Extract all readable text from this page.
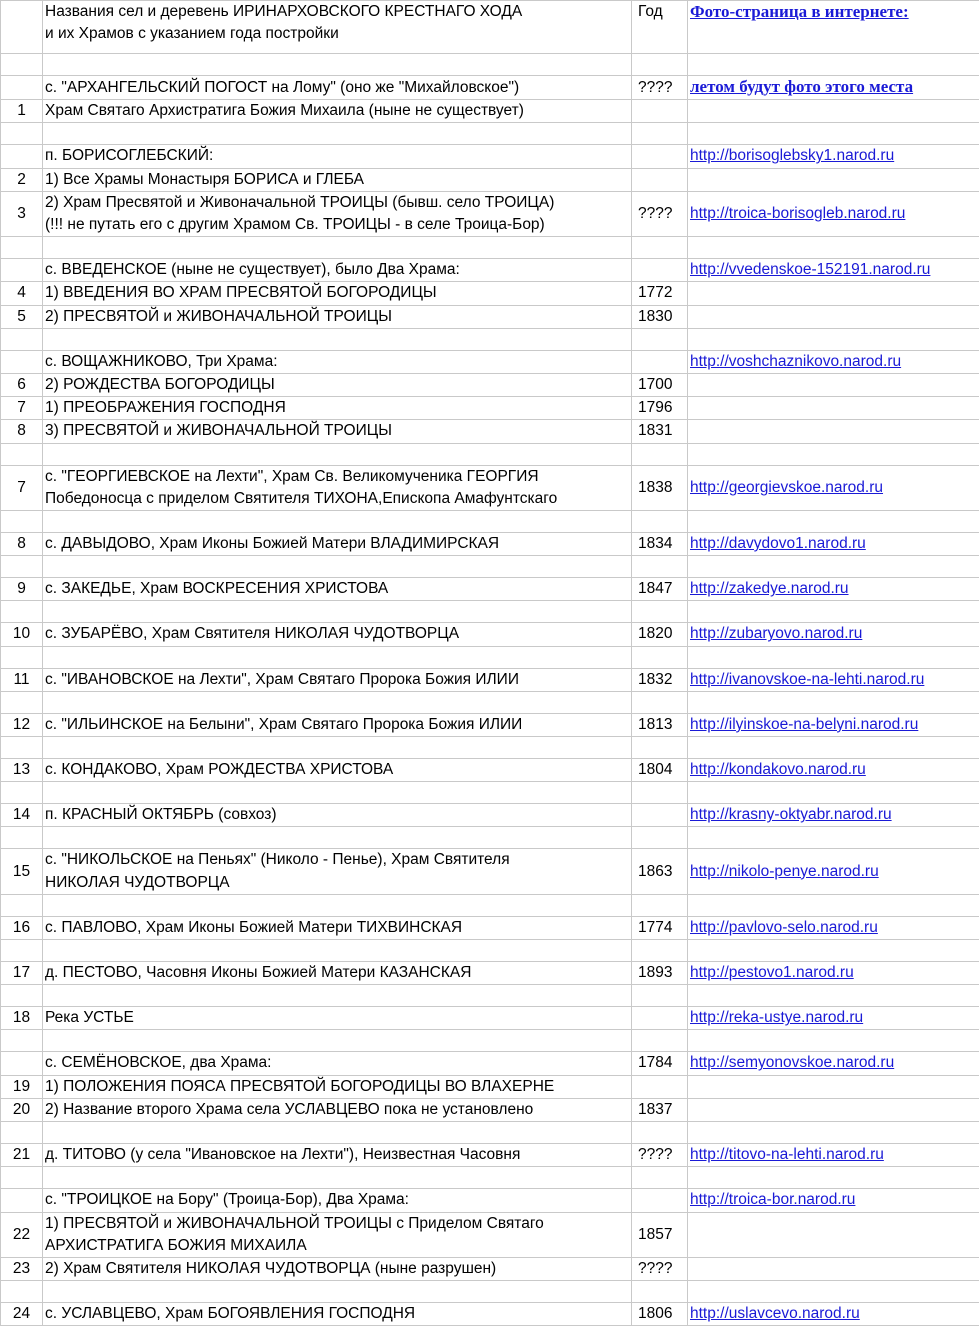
	Названия сел и деревень ИРИНАРХОВСКОГО КРЕСТНАГО ХОДА
и их Храмов с указанием года постройки	Год	Фото-страница в интернете:

	с. "АРХАНГЕЛЬСКИЙ ПОГОСТ на Лому" (оно же "Михайловское")	????	летом будут фото этого места
1	Храм Святаго Архистратига Божия Михаила (ныне не существует)		

	п. БОРИСОГЛЕБСКИЙ:		http://borisoglebsky1.narod.ru
2	1) Все Храмы Монастыря БОРИСА и ГЛЕБА		
3	2) Храм Пресвятой и Живоначальной ТРОИЦЫ (бывш. село ТРОИЦА)
(!!! не путать его с другим Храмом Св. ТРОИЦЫ - в селе Троица-Бор)	????	http://troica-borisogleb.narod.ru

	с. ВВЕДЕНСКОЕ (ныне не существует), было Два Храма:		http://vvedenskoe-152191.narod.ru
4	1) ВВЕДЕНИЯ ВО ХРАМ ПРЕСВЯТОЙ БОГОРОДИЦЫ	1772	
5	2) ПРЕСВЯТОЙ и ЖИВОНАЧАЛЬНОЙ ТРОИЦЫ	1830	

	с. ВОЩАЖНИКОВО, Три Храма:		http://voshchaznikovo.narod.ru
6	2) РОЖДЕСТВА БОГОРОДИЦЫ	1700	
7	1) ПРЕОБРАЖЕНИЯ ГОСПОДНЯ	1796	
8	3) ПРЕСВЯТОЙ и ЖИВОНАЧАЛЬНОЙ ТРОИЦЫ	1831	

7	с. "ГЕОРГИЕВСКОЕ на Лехти", Храм Св. Великомученика ГЕОРГИЯ
Победоносца с приделом Святителя ТИХОНА,Епископа Амафунтскаго	1838	http://georgievskoe.narod.ru

8	с. ДАВЫДОВО, Храм Иконы Божией Матери ВЛАДИМИРСКАЯ	1834	http://davydovo1.narod.ru

9	с. ЗАКЕДЬЕ, Храм ВОСКРЕСЕНИЯ ХРИСТОВА	1847	http://zakedye.narod.ru

10	с. ЗУБАРЁВО, Храм Святителя НИКОЛАЯ ЧУДОТВОРЦА	1820	http://zubaryovo.narod.ru

11	с. "ИВАНОВСКОЕ на Лехти", Храм Святаго Пророка Божия ИЛИИ	1832	http://ivanovskoe-na-lehti.narod.ru

12	с. "ИЛЬИНСКОЕ на Белыни", Храм Святаго Пророка Божия ИЛИИ	1813	http://ilyinskoe-na-belyni.narod.ru

13	с. КОНДАКОВО, Храм РОЖДЕСТВА ХРИСТОВА	1804	http://kondakovo.narod.ru

14	п. КРАСНЫЙ ОКТЯБРЬ (совхоз)		http://krasny-oktyabr.narod.ru

15	с. "НИКОЛЬСКОЕ на Пеньях" (Николо - Пенье), Храм Святителя
НИКОЛАЯ ЧУДОТВОРЦА	1863	http://nikolo-penye.narod.ru

16	с. ПАВЛОВО, Храм Иконы Божией Матери ТИХВИНСКАЯ	1774	http://pavlovo-selo.narod.ru

17	д. ПЕСТОВО, Часовня Иконы Божией Матери КАЗАНСКАЯ	1893	http://pestovo1.narod.ru

18	Река УСТЬЕ		http://reka-ustye.narod.ru

	с. СЕМЁНОВСКОЕ, два Храма:	1784	http://semyonovskoe.narod.ru
19	1) ПОЛОЖЕНИЯ ПОЯСА ПРЕСВЯТОЙ БОГОРОДИЦЫ ВО ВЛАХЕРНЕ		
20	2) Название второго Храма села УСЛАВЦЕВО пока не установлено	1837	

21	д. ТИТОВО (у села "Ивановское на Лехти"), Неизвестная Часовня	????	http://titovo-na-lehti.narod.ru

	с. "ТРОИЦКОЕ на Бору" (Троица-Бор), Два Храма:		http://troica-bor.narod.ru
22	1) ПРЕСВЯТОЙ и ЖИВОНАЧАЛЬНОЙ ТРОИЦЫ с Приделом Святаго
АРХИСТРАТИГА БОЖИЯ МИХАИЛА	1857	
23	2) Храм Святителя НИКОЛАЯ ЧУДОТВОРЦА (ныне разрушен)	????	

24	с. УСЛАВЦЕВО, Храм БОГОЯВЛЕНИЯ ГОСПОДНЯ	1806	http://uslavcevo.narod.ru
